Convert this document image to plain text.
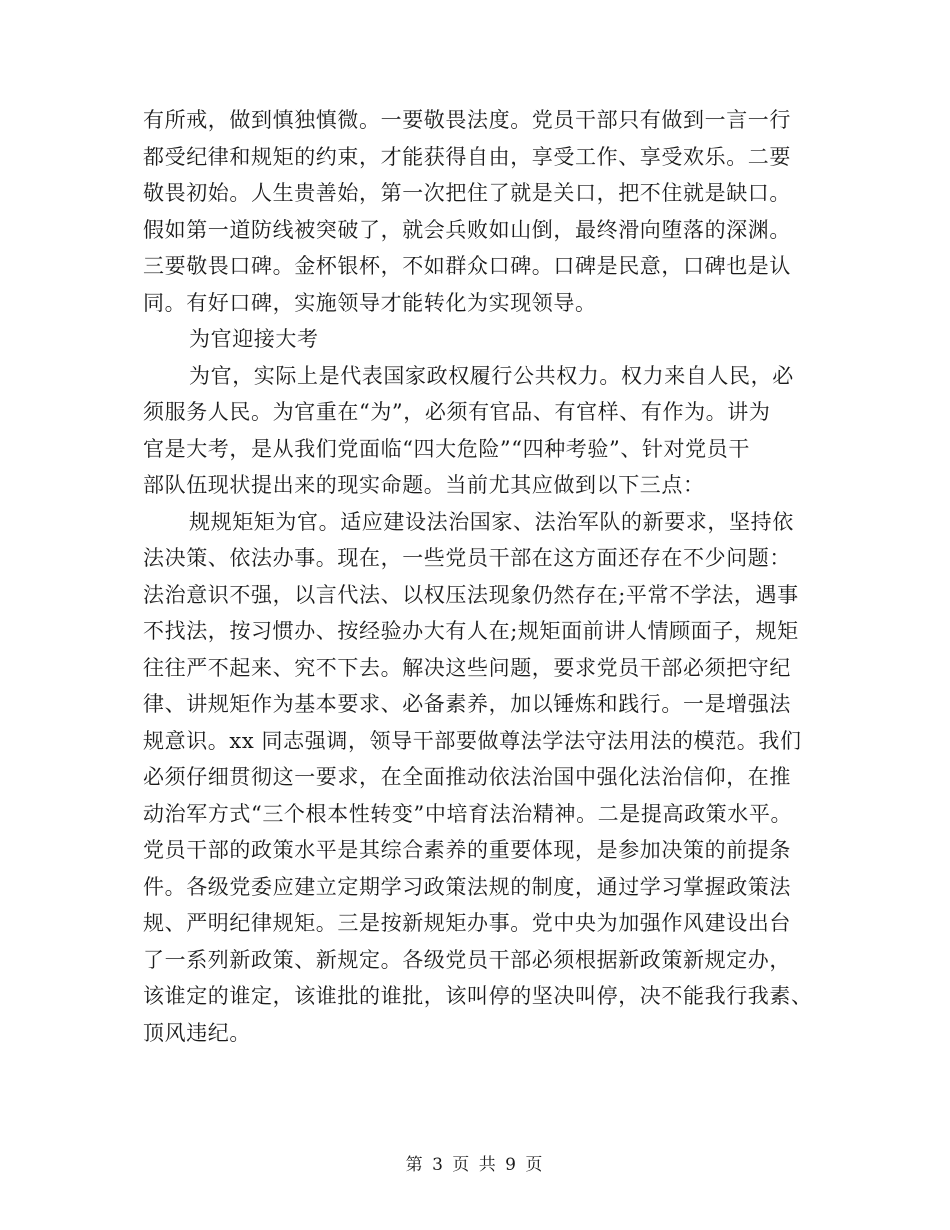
有所戒，做到慎独慎微。一要敬畏法度。党员干部只有做到一言一行
都受纪律和规矩的约束，才能获得自由，享受工作、享受欢乐。二要
敬畏初始。人生贵善始，第一次把住了就是关口，把不住就是缺口。
假如第一道防线被突破了，就会兵败如山倒，最终滑向堕落的深渊。
三要敬畏口碑。金杯银杯，不如群众口碑。口碑是民意，口碑也是认
同。有好口碑，实施领导才能转化为实现领导。
为官迎接大考
为官，实际上是代表国家政权履行公共权力。权力来自人民，必
须服务人民。为官重在“为”，必须有官品、有官样、有作为。讲为
官是大考，是从我们党面临“四大危险”“四种考验”、针对党员干
部队伍现状提出来的现实命题。当前尤其应做到以下三点：
规规矩矩为官。适应建设法治国家、法治军队的新要求，坚持依
法决策、依法办事。现在，一些党员干部在这方面还存在不少问题：
法治意识不强，以言代法、以权压法现象仍然存在;平常不学法，遇事
不找法，按习惯办、按经验办大有人在;规矩面前讲人情顾面子，规矩
往往严不起来、究不下去。解决这些问题，要求党员干部必须把守纪
律、讲规矩作为基本要求、必备素养，加以锤炼和践行。一是增强法
规意识。xx 同志强调，领导干部要做尊法学法守法用法的模范。我们
必须仔细贯彻这一要求，在全面推动依法治国中强化法治信仰，在推
动治军方式“三个根本性转变”中培育法治精神。二是提高政策水平。
党员干部的政策水平是其综合素养的重要体现，是参加决策的前提条
件。各级党委应建立定期学习政策法规的制度，通过学习掌握政策法
规、严明纪律规矩。三是按新规矩办事。党中央为加强作风建设出台
了一系列新政策、新规定。各级党员干部必须根据新政策新规定办，
该谁定的谁定，该谁批的谁批，该叫停的坚决叫停，决不能我行我素、
顶风违纪。
第 3 页 共 9 页
